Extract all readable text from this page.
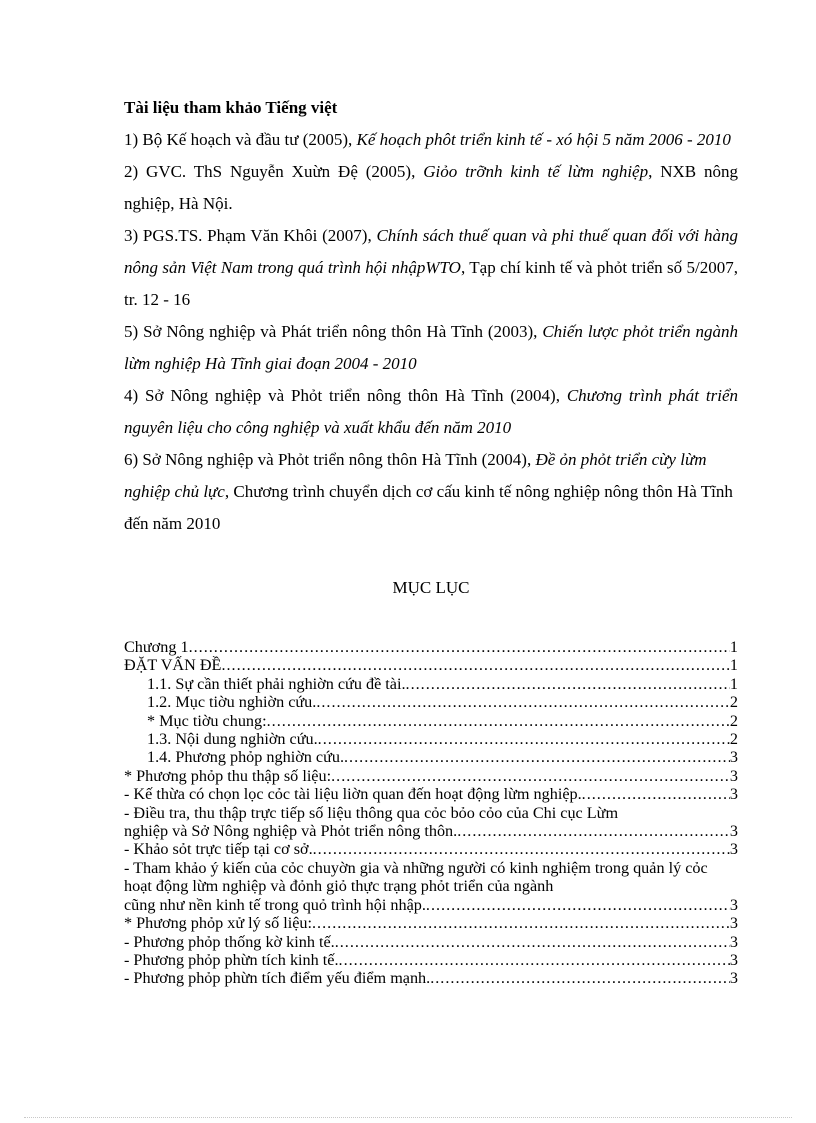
Tài liệu tham khảo Tiếng việt

1) Bộ Kế hoạch và đầu tư (2005), Kế hoạch phôt triển kinh tế - xó hội 5 năm 2006 - 2010

2) GVC. ThS Nguyễn Xuừn Đệ (2005), Giỏo trỡnh kinh tế lừm nghiệp, NXB nông nghiệp, Hà Nội.

3) PGS.TS. Phạm Văn Khôi (2007), Chính sách thuế quan và phi thuế quan đối với hàng nông sản Việt Nam trong quá trình hội nhậpWTO, Tạp chí kinh tế và phỏt triển số 5/2007, tr. 12 - 16

5) Sở Nông nghiệp và Phát triển nông thôn Hà Tĩnh (2003), Chiến lược phỏt triển ngành lừm nghiệp Hà Tĩnh giai đoạn 2004 - 2010

4) Sở Nông nghiệp và Phỏt triển nông thôn Hà Tĩnh (2004), Chương trình phát triển nguyên liệu cho công nghiệp và xuất khẩu đến năm 2010

6) Sở Nông nghiệp và Phỏt triển nông thôn Hà Tĩnh (2004), Đề ỏn phỏt triển cừy lừm nghiệp chủ lực, Chương trình chuyển dịch cơ cấu kinh tế nông nghiệp nông thôn Hà Tĩnh đến năm 2010

MỤC LỤC
Chương 1 .....	1
ĐẶT VẤN ĐỀ .....	1
1.1. Sự cần thiết phải nghiờn cứu đề tài. .....	1
1.2. Mục tiờu nghiờn cứu. .....	2
* Mục tiờu chung: .....	2
1.3. Nội dung nghiờn cứu. .....	2
1.4. Phương phỏp nghiờn cứu. .....	3
* Phương phỏp thu thập số liệu: .....	3
- Kế thừa có chọn lọc cỏc tài liệu liờn quan đến hoạt động lừm nghiệp. .....	3
- Điều tra, thu thập trực tiếp số liệu thông qua cỏc bỏo cỏo của Chi cục Lừm
nghiệp và Sở Nông nghiệp và Phỏt triển nông thôn. .....	3
- Khảo sỏt trực tiếp tại cơ sở. .....	3
- Tham khảo ý kiến của cỏc chuyờn gia và những người có kinh nghiệm trong quản lý cỏc hoạt động lừm nghiệp và đỏnh giỏ thực trạng phỏt triển của ngành
cũng như nền kinh tế trong quỏ trình hội nhập. .....	3
* Phương phỏp xử lý số liệu: .....	3
- Phương phỏp thống kờ kinh tế. .....	3
- Phương phỏp phừn tích kinh tế. .....	3
- Phương phỏp phừn tích điểm yếu điểm mạnh. .....	3
